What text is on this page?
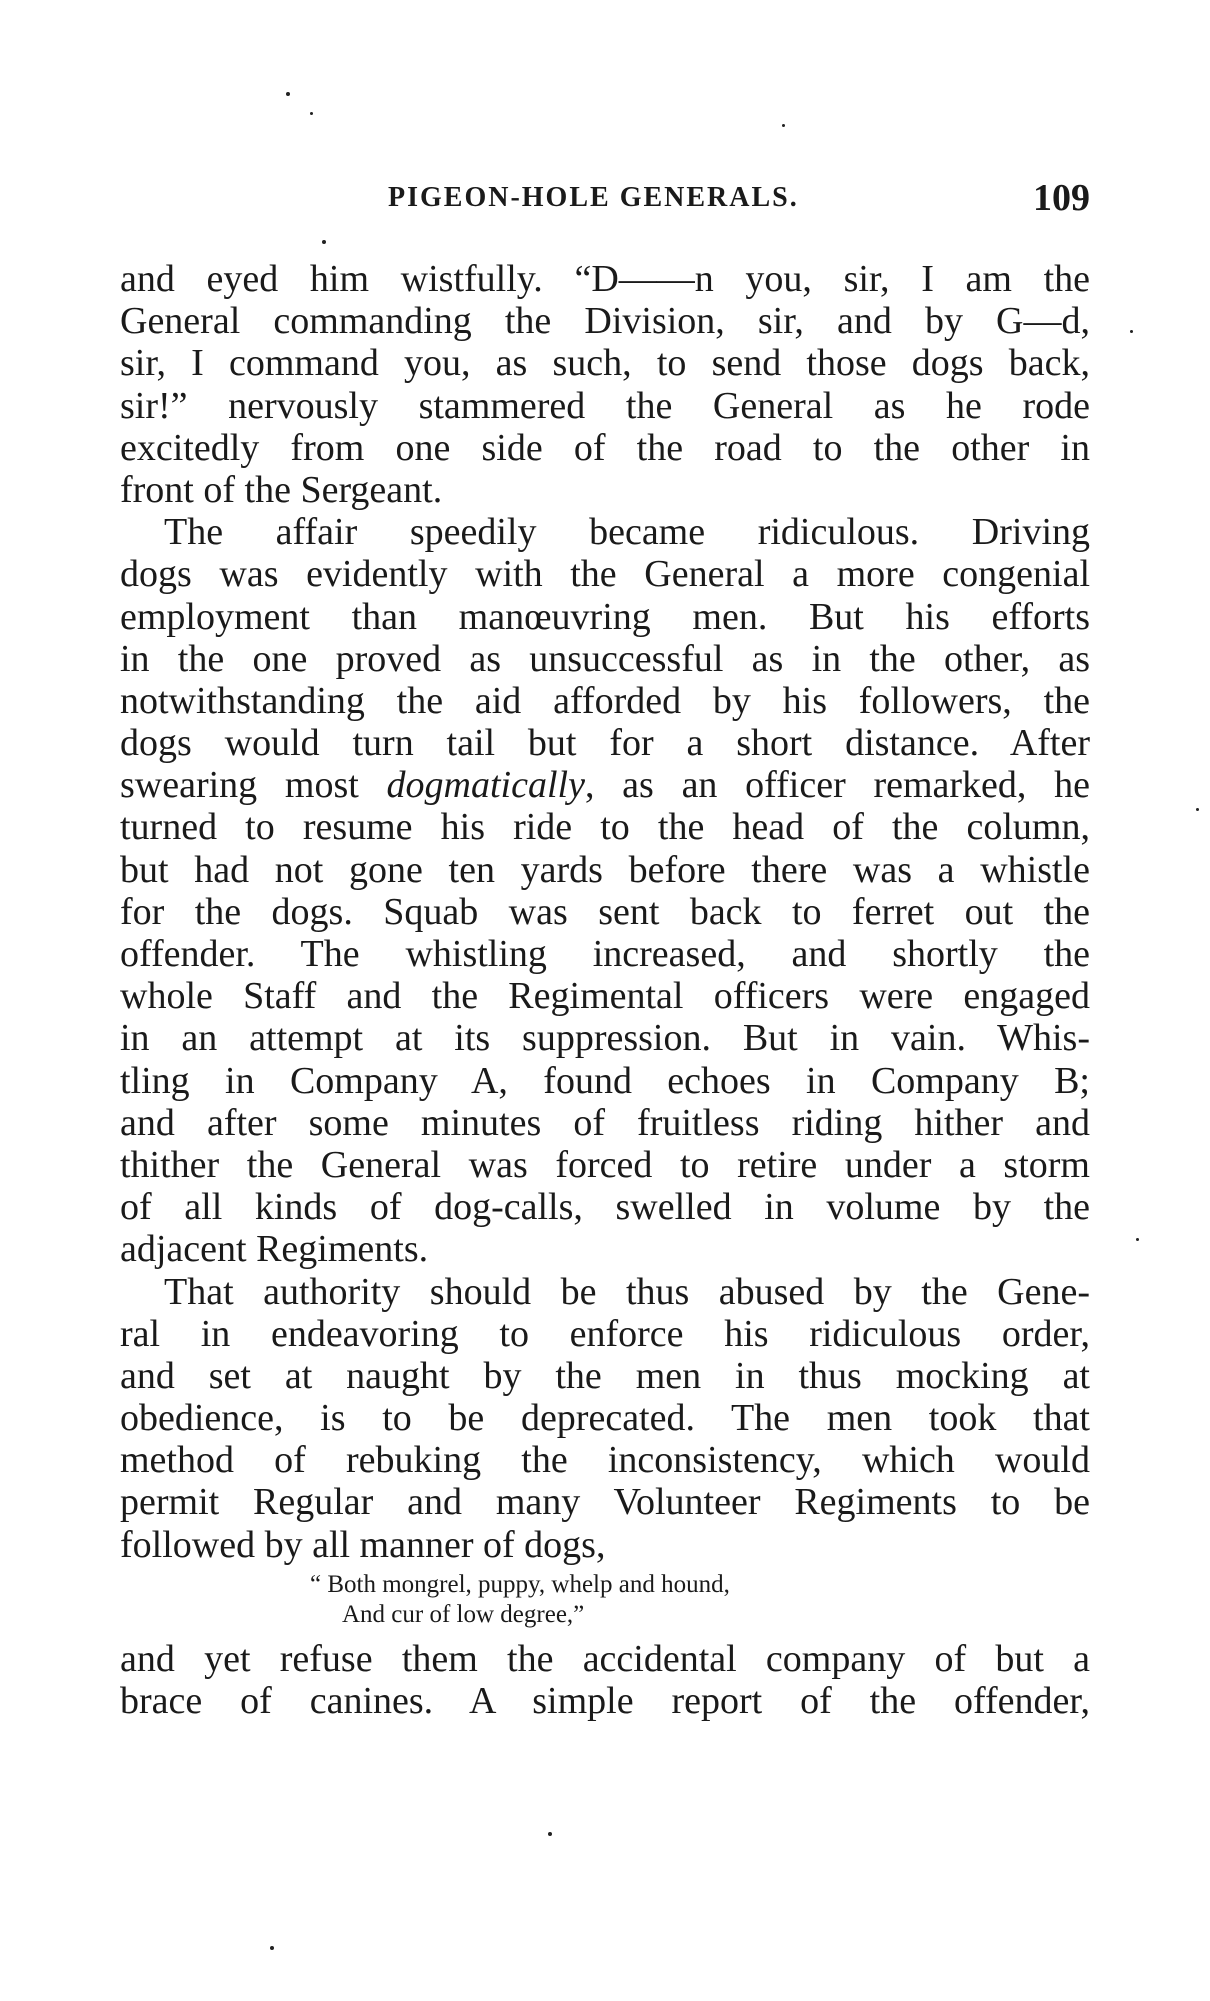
PIGEON-HOLE GENERALS.	109
and eyed him wistfully. “D——n you, sir, I am the
General commanding the Division, sir, and by G—d,
sir, I command you, as such, to send those dogs back,
sir!” nervously stammered the General as he rode
excitedly from one side of the road to the other in
front of the Sergeant.
The affair speedily became ridiculous. Driving
dogs was evidently with the General a more congenial
employment than manœuvring men. But his efforts
in the one proved as unsuccessful as in the other, as
notwithstanding the aid afforded by his followers, the
dogs would turn tail but for a short distance. After
swearing most dogmatically, as an officer remarked, he
turned to resume his ride to the head of the column,
but had not gone ten yards before there was a whistle
for the dogs. Squab was sent back to ferret out the
offender. The whistling increased, and shortly the
whole Staff and the Regimental officers were engaged
in an attempt at its suppression. But in vain. Whis-
tling in Company A, found echoes in Company B;
and after some minutes of fruitless riding hither and
thither the General was forced to retire under a storm
of all kinds of dog-calls, swelled in volume by the
adjacent Regiments.
That authority should be thus abused by the Gene-
ral in endeavoring to enforce his ridiculous order,
and set at naught by the men in thus mocking at
obedience, is to be deprecated. The men took that
method of rebuking the inconsistency, which would
permit Regular and many Volunteer Regiments to be
followed by all manner of dogs,
“ Both mongrel, puppy, whelp and hound,
And cur of low degree,”
and yet refuse them the accidental company of but a
brace of canines. A simple report of the offender,
